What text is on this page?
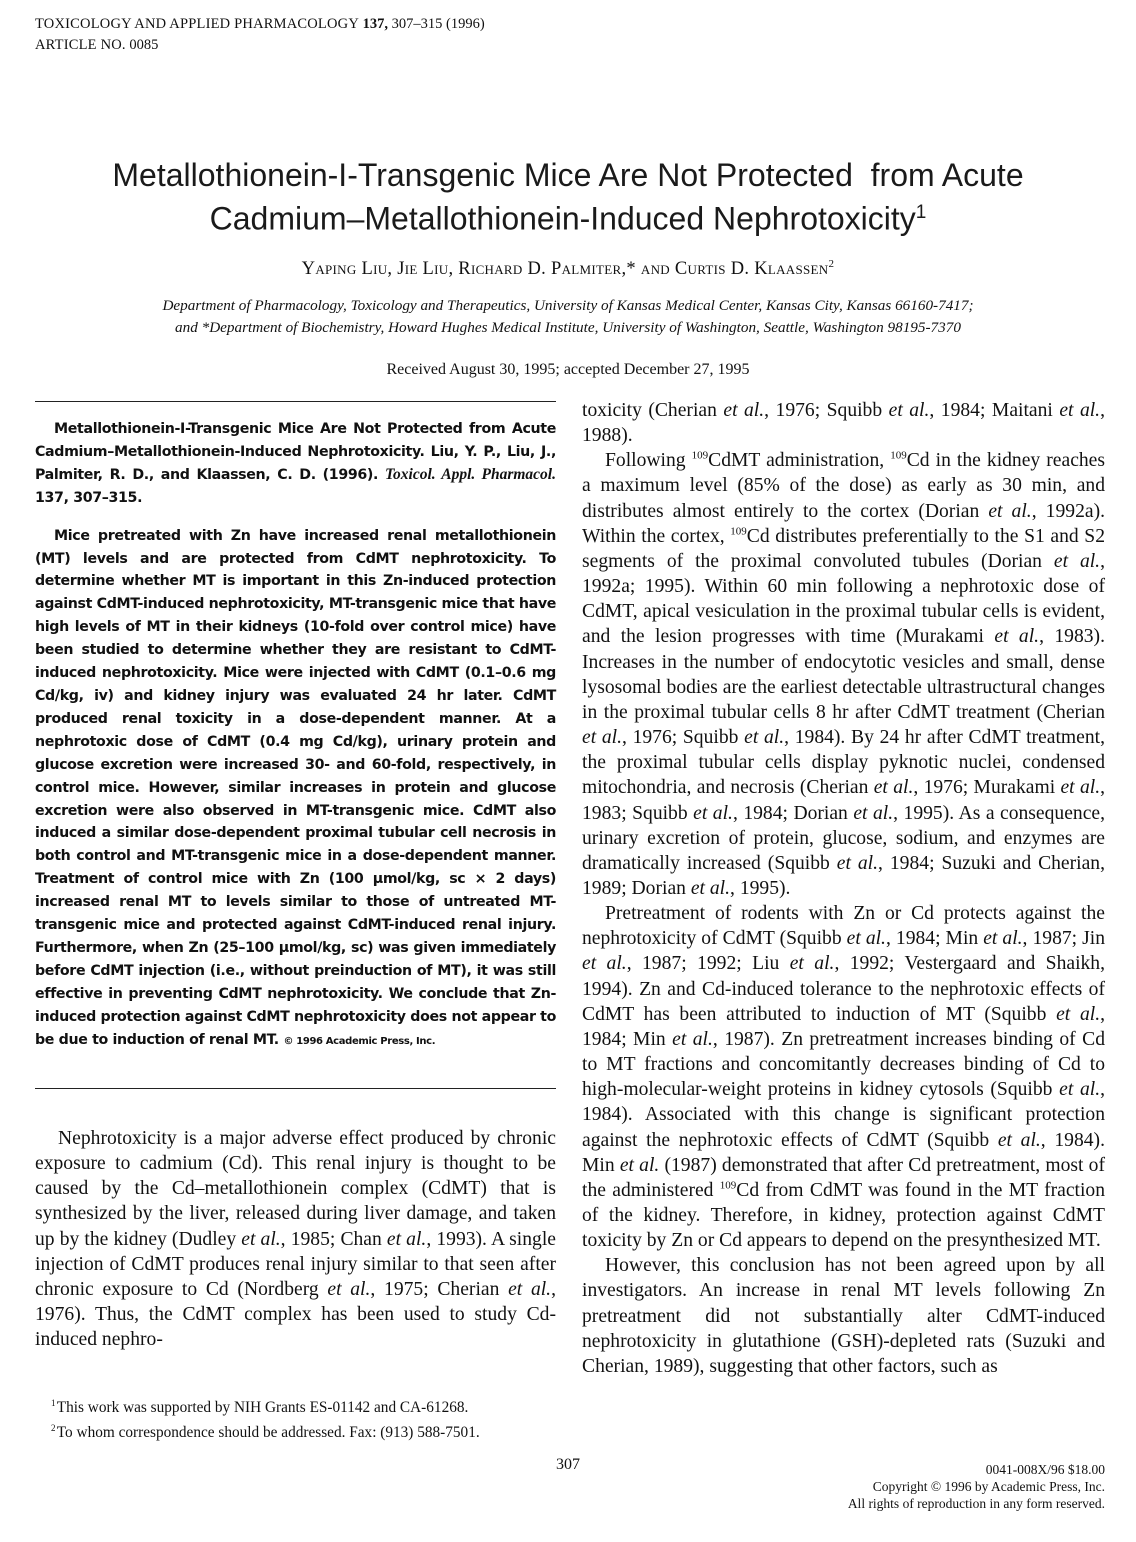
TOXICOLOGY AND APPLIED PHARMACOLOGY 137, 307–315 (1996)
ARTICLE NO. 0085
Metallothionein-I-Transgenic Mice Are Not Protected  from Acute
Cadmium–Metallothionein-Induced Nephrotoxicity$^1$
Yaping Liu, Jie Liu, Richard D. Palmiter,* and Curtis D. Klaassen$^2$
Department of Pharmacology, Toxicology and Therapeutics, University of Kansas Medical Center, Kansas City, Kansas 66160-7417;
and *Department of Biochemistry, Howard Hughes Medical Institute, University of Washington, Seattle, Washington 98195-7370
Received August 30, 1995; accepted December 27, 1995

Metallothionein-I-Transgenic Mice Are Not Protected from Acute Cadmium–Metallothionein-Induced Nephrotoxicity. Liu, Y. P., Liu, J., Palmiter, R. D., and Klaassen, C. D. (1996). Toxicol. Appl. Pharmacol. 137, 307–315.

Mice pretreated with Zn have increased renal metallothionein (MT) levels and are protected from CdMT nephrotoxicity. To determine whether MT is important in this Zn-induced protection against CdMT-induced nephrotoxicity, MT-transgenic mice that have high levels of MT in their kidneys (10-fold over control mice) have been studied to determine whether they are resistant to CdMT-induced nephrotoxicity. Mice were injected with CdMT (0.1–0.6 mg Cd/kg, iv) and kidney injury was evaluated 24 hr later. CdMT produced renal toxicity in a dose-dependent manner. At a nephrotoxic dose of CdMT (0.4 mg Cd/kg), urinary protein and glucose excretion were increased 30- and 60-fold, respectively, in control mice. However, similar increases in protein and glucose excretion were also observed in MT-transgenic mice. CdMT also induced a similar dose-dependent proximal tubular cell necrosis in both control and MT-transgenic mice in a dose-dependent manner. Treatment of control mice with Zn (100 μmol/kg, sc × 2 days) increased renal MT to levels similar to those of untreated MT-transgenic mice and protected against CdMT-induced renal injury. Furthermore, when Zn (25–100 μmol/kg, sc) was given immediately before CdMT injection (i.e., without preinduction of MT), it was still effective in preventing CdMT nephrotoxicity. We conclude that Zn-induced protection against CdMT nephrotoxicity does not appear to be due to induction of renal MT. © 1996 Academic Press, Inc.

Nephrotoxicity is a major adverse effect produced by chronic exposure to cadmium (Cd). This renal injury is thought to be caused by the Cd–metallothionein complex (CdMT) that is synthesized by the liver, released during liver damage, and taken up by the kidney (Dudley et al., 1985; Chan et al., 1993). A single injection of CdMT produces renal injury similar to that seen after chronic exposure to Cd (Nordberg et al., 1975; Cherian et al., 1976). Thus, the CdMT complex has been used to study Cd-induced nephro-

$^1$ This work was supported by NIH Grants ES-01142 and CA-61268.
$^2$ To whom correspondence should be addressed. Fax: (913) 588-7501.

toxicity (Cherian et al., 1976; Squibb et al., 1984; Maitani et al., 1988).

Following $^{109}$CdMT administration, $^{109}$Cd in the kidney reaches a maximum level (85% of the dose) as early as 30 min, and distributes almost entirely to the cortex (Dorian et al., 1992a). Within the cortex, $^{109}$Cd distributes preferentially to the S1 and S2 segments of the proximal convoluted tubules (Dorian et al., 1992a; 1995). Within 60 min following a nephrotoxic dose of CdMT, apical vesiculation in the proximal tubular cells is evident, and the lesion progresses with time (Murakami et al., 1983). Increases in the number of endocytotic vesicles and small, dense lysosomal bodies are the earliest detectable ultrastructural changes in the proximal tubular cells 8 hr after CdMT treatment (Cherian et al., 1976; Squibb et al., 1984). By 24 hr after CdMT treatment, the proximal tubular cells display pyknotic nuclei, condensed mitochondria, and necrosis (Cherian et al., 1976; Murakami et al., 1983; Squibb et al., 1984; Dorian et al., 1995). As a consequence, urinary excretion of protein, glucose, sodium, and enzymes are dramatically increased (Squibb et al., 1984; Suzuki and Cherian, 1989; Dorian et al., 1995).

Pretreatment of rodents with Zn or Cd protects against the nephrotoxicity of CdMT (Squibb et al., 1984; Min et al., 1987; Jin et al., 1987; 1992; Liu et al., 1992; Vestergaard and Shaikh, 1994). Zn and Cd-induced tolerance to the nephrotoxic effects of CdMT has been attributed to induction of MT (Squibb et al., 1984; Min et al., 1987). Zn pretreatment increases binding of Cd to MT fractions and concomitantly decreases binding of Cd to high-molecular-weight proteins in kidney cytosols (Squibb et al., 1984). Associated with this change is significant protection against the nephrotoxic effects of CdMT (Squibb et al., 1984). Min et al. (1987) demonstrated that after Cd pretreatment, most of the administered $^{109}$Cd from CdMT was found in the MT fraction of the kidney. Therefore, in kidney, protection against CdMT toxicity by Zn or Cd appears to depend on the presynthesized MT.

However, this conclusion has not been agreed upon by all investigators. An increase in renal MT levels following Zn pretreatment did not substantially alter CdMT-induced nephrotoxicity in glutathione (GSH)-depleted rats (Suzuki and Cherian, 1989), suggesting that other factors, such as

307	0041-008X/96 $18.00
Copyright © 1996 by Academic Press, Inc.
All rights of reproduction in any form reserved.
